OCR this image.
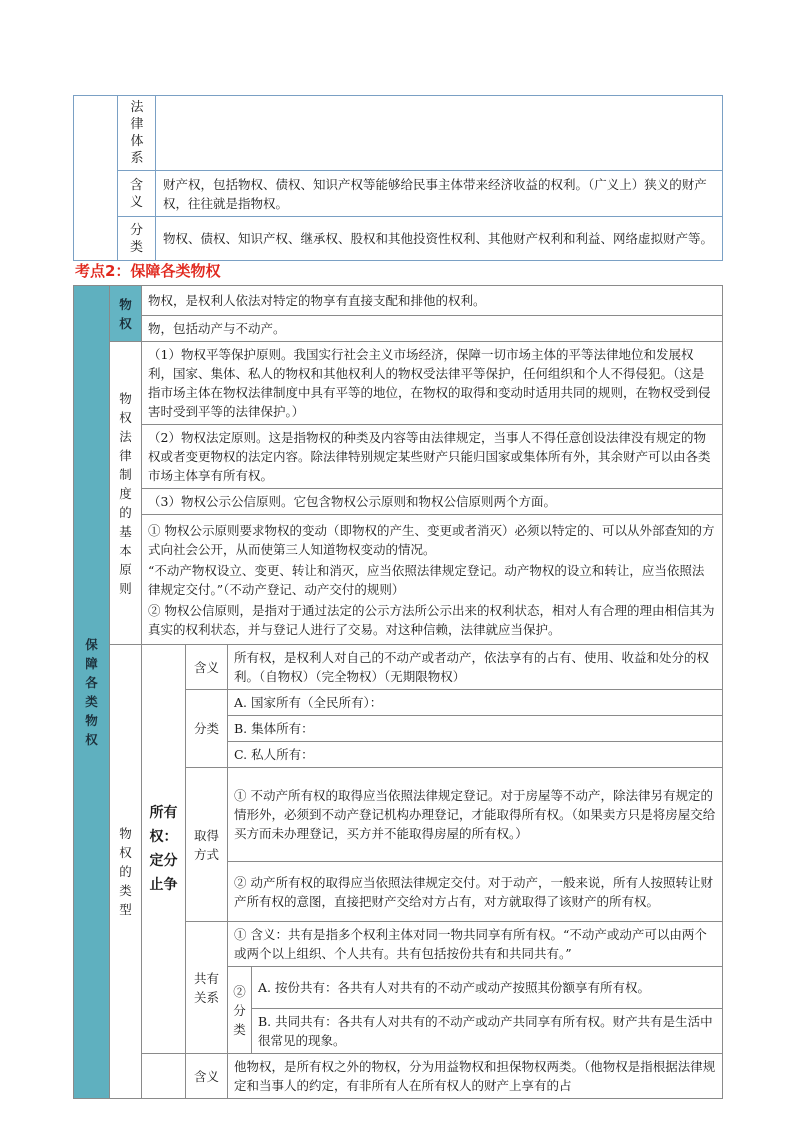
	法律体系	

	含义	财产权，包括物权、债权、知识产权等能够给民事主体带来经济收益的权利。（广义上）狭义的财产权，往往就是指物权。

	分类	物权、债权、知识产权、继承权、股权和其他投资性权利、其他财产权利和利益、网络虚拟财产等。
考点2：保障各类物权
保障各类物权	物权	物权，是权利人依法对特定的物享有直接支配和排他的权利。			
		物，包括动产与不动产。			

	物权法律制度的基本原则	（1）物权平等保护原则。我国实行社会主义市场经济，保障一切市场主体的平等法律地位和发展权利，国家、集体、私人的物权和其他权利人的物权受法律平等保护，任何组织和个人不得侵犯。（这是指市场主体在物权法律制度中具有平等的地位，在物权的取得和变动时适用共同的规则，在物权受到侵害时受到平等的法律保护。）			
		（2）物权法定原则。这是指物权的种类及内容等由法律规定，当事人不得任意创设法律没有规定的物权或者变更物权的法定内容。除法律特别规定某些财产只能归国家或集体所有外，其余财产可以由各类市场主体享有所有权。			
		（3）物权公示公信原则。它包含物权公示原则和物权公信原则两个方面。			

		① 物权公示原则要求物权的变动（即物权的产生、变更或者消灭）必须以特定的、可以从外部查知的方式向社会公开，从而使第三人知道物权变动的情况。
“不动产物权设立、变更、转让和消灭，应当依照法律规定登记。动产物权的设立和转让，应当依照法律规定交付。”（不动产登记、动产交付的规则）
② 物权公信原则，是指对于通过法定的公示方法所公示出来的权利状态，相对人有合理的理由相信其为真实的权利状态，并与登记人进行了交易。对这种信赖，法律就应当保护。			

	物权的类型	所有权：定分止争	含义	所有权，是权利人对自己的不动产或者动产，依法享有的占有、使用、收益和处分的权利。（自物权）（完全物权）（无期限物权）	
			分类	A. 国家所有（全民所有）：	
				B. 集体所有：	
				C. 私人所有：	

			取得方式	① 不动产所有权的取得应当依照法律规定登记。对于房屋等不动产，除法律另有规定的情形外，必须到不动产登记机构办理登记，才能取得所有权。（如果卖方只是将房屋交给买方而未办理登记，买方并不能取得房屋的所有权。）	
				② 动产所有权的取得应当依照法律规定交付。对于动产，一般来说，所有人按照转让财产所有权的意图，直接把财产交给对方占有，对方就取得了该财产的所有权。	

			共有关系	① 含义：共有是指多个权利主体对同一物共同享有所有权。“不动产或动产可以由两个或两个以上组织、个人共有。共有包括按份共有和共同共有。”	

				②分类	A. 按份共有：各共有人对共有的不动产或动产按照其份额享有所有权。
					B. 共同共有：各共有人对共有的不动产或动产共同享有所有权。财产共有是生活中很常见的现象。
			含义	他物权，是所有权之外的物权，分为用益物权和担保物权两类。（他物权是指根据法律规定和当事人的约定，有非所有人在所有权人的财产上享有的占	
